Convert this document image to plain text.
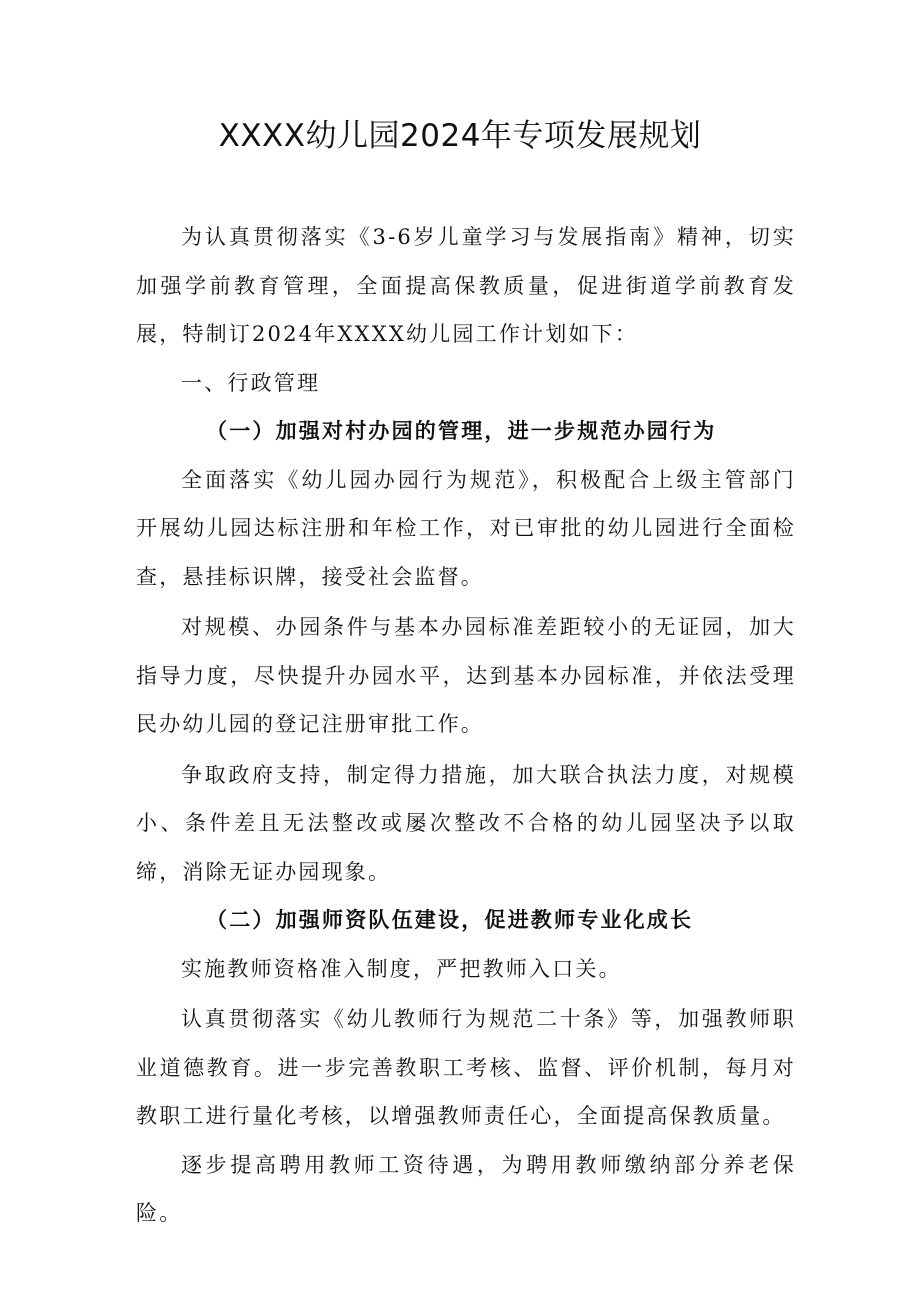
XXXX幼儿园2024年专项发展规划

为认真贯彻落实《3-6岁儿童学习与发展指南》精神，切实加强学前教育管理，全面提高保教质量，促进街道学前教育发展，特制订2024年XXXX幼儿园工作计划如下：

一、行政管理

（一）加强对村办园的管理，进一步规范办园行为

全面落实《幼儿园办园行为规范》，积极配合上级主管部门开展幼儿园达标注册和年检工作，对已审批的幼儿园进行全面检查，悬挂标识牌，接受社会监督。

对规模、办园条件与基本办园标准差距较小的无证园，加大指导力度，尽快提升办园水平，达到基本办园标准，并依法受理民办幼儿园的登记注册审批工作。

争取政府支持，制定得力措施，加大联合执法力度，对规模小、条件差且无法整改或屡次整改不合格的幼儿园坚决予以取缔，消除无证办园现象。

（二）加强师资队伍建设，促进教师专业化成长

实施教师资格准入制度，严把教师入口关。

认真贯彻落实《幼儿教师行为规范二十条》等，加强教师职业道德教育。进一步完善教职工考核、监督、评价机制，每月对教职工进行量化考核，以增强教师责任心，全面提高保教质量。

逐步提高聘用教师工资待遇，为聘用教师缴纳部分养老保险。
